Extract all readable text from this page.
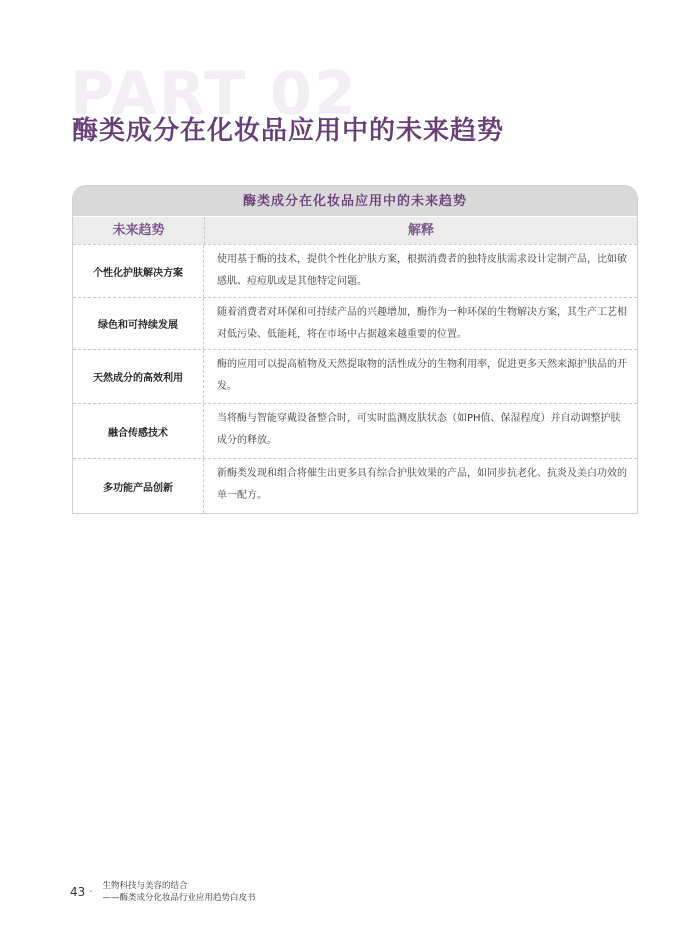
PART 02
酶类成分在化妆品应用中的未来趋势
酶类成分在化妆品应用中的未来趋势
未来趋势	解释
个性化护肤解决方案
使用基于酶的技术，提供个性化护肤方案，根据消费者的独特皮肤需求设计定制产品，比如敏感肌、痘痘肌或是其他特定问题。
绿色和可持续发展
随着消费者对环保和可持续产品的兴趣增加，酶作为一种环保的生物解决方案，其生产工艺相对低污染、低能耗，将在市场中占据越来越重要的位置。
天然成分的高效利用
酶的应用可以提高植物及天然提取物的活性成分的生物利用率，促进更多天然来源护肤品的开发。
融合传感技术
当将酶与智能穿戴设备整合时，可实时监测皮肤状态（如PH值、保湿程度）并自动调整护肤成分的释放。
多功能产品创新
新酶类发现和组合将催生出更多具有综合护肤效果的产品，如同步抗老化、抗炎及美白功效的单一配方。
43 ·
生物科技与美容的结合
——酶类成分化妆品行业应用趋势白皮书
